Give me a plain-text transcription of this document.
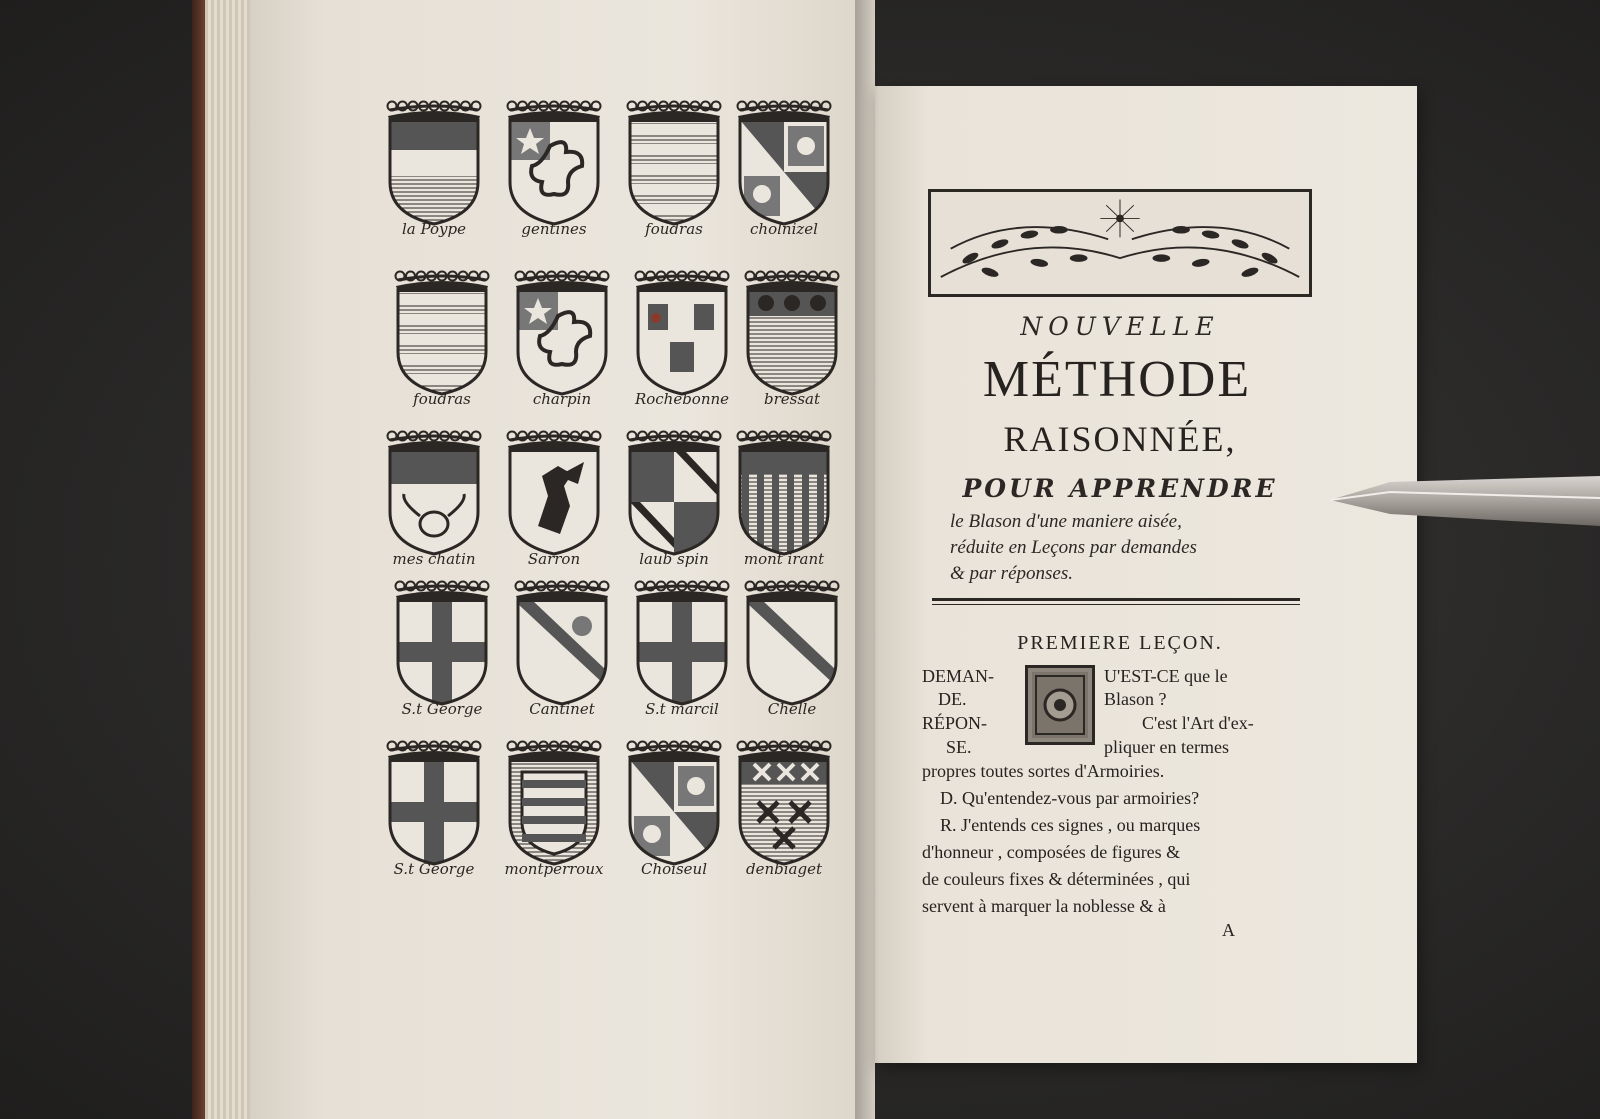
la Poype	gentines	foudras	cholnizel
foudras	charpin	Rochebonne	bressat
mes chatin	Sarron	laub spin	mont irant
S.t George	Cantinet	S.t marcil	Chelle
S.t George	montperroux	Choiseul	denbiaget
NOUVELLE
MÉTHODE
RAISONNÉE,
POUR APPRENDRE
le Blason d'une maniere aisée,
réduite en Leçons par demandes
& par réponses.
PREMIERE LEÇON.
DEMAN-
DE.
RÉPON-
SE.
U'EST-CE que le
Blason ?
C'est l'Art d'ex-
pliquer en termes
propres toutes sortes d'Armoiries.
D. Qu'entendez-vous par armoiries?
R. J'entends ces signes , ou marques
d'honneur , composées de figures &
de couleurs fixes & déterminées , qui
servent à marquer la noblesse & à
A
